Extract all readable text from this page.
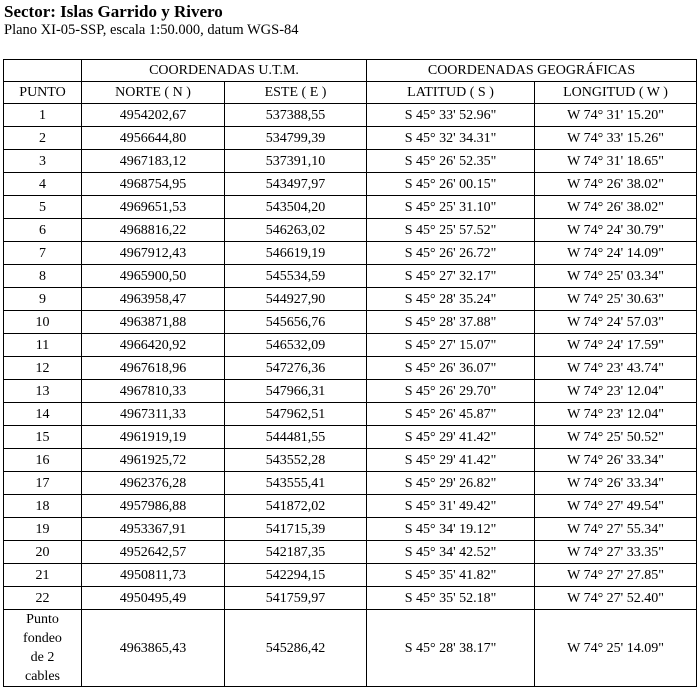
Sector: Islas Garrido y Rivero
Plano XI-05-SSP, escala 1:50.000, datum WGS-84
	COORDENADAS U.T.M.		COORDENADAS GEOGRÁFICAS	
PUNTO	NORTE ( N )	ESTE ( E )	LATITUD ( S )	LONGITUD ( W )
1	4954202,67	537388,55	S 45° 33' 52.96"	W 74° 31' 15.20"
2	4956644,80	534799,39	S 45° 32' 34.31"	W 74° 33' 15.26"
3	4967183,12	537391,10	S 45° 26' 52.35"	W 74° 31' 18.65"
4	4968754,95	543497,97	S 45° 26' 00.15"	W 74° 26' 38.02"
5	4969651,53	543504,20	S 45° 25' 31.10"	W 74° 26' 38.02"
6	4968816,22	546263,02	S 45° 25' 57.52"	W 74° 24' 30.79"
7	4967912,43	546619,19	S 45° 26' 26.72"	W 74° 24' 14.09"
8	4965900,50	545534,59	S 45° 27' 32.17"	W 74° 25' 03.34"
9	4963958,47	544927,90	S 45° 28' 35.24"	W 74° 25' 30.63"
10	4963871,88	545656,76	S 45° 28' 37.88"	W 74° 24' 57.03"
11	4966420,92	546532,09	S 45° 27' 15.07"	W 74° 24' 17.59"
12	4967618,96	547276,36	S 45° 26' 36.07"	W 74° 23' 43.74"
13	4967810,33	547966,31	S 45° 26' 29.70"	W 74° 23' 12.04"
14	4967311,33	547962,51	S 45° 26' 45.87"	W 74° 23' 12.04"
15	4961919,19	544481,55	S 45° 29' 41.42"	W 74° 25' 50.52"
16	4961925,72	543552,28	S 45° 29' 41.42"	W 74° 26' 33.34"
17	4962376,28	543555,41	S 45° 29' 26.82"	W 74° 26' 33.34"
18	4957986,88	541872,02	S 45° 31' 49.42"	W 74° 27' 49.54"
19	4953367,91	541715,39	S 45° 34' 19.12"	W 74° 27' 55.34"
20	4952642,57	542187,35	S 45° 34' 42.52"	W 74° 27' 33.35"
21	4950811,73	542294,15	S 45° 35' 41.82"	W 74° 27' 27.85"
22	4950495,49	541759,97	S 45° 35' 52.18"	W 74° 27' 52.40"

Punto
fondeo
de 2
cables	4963865,43	545286,42	S 45° 28' 38.17"	W 74° 25' 14.09"
